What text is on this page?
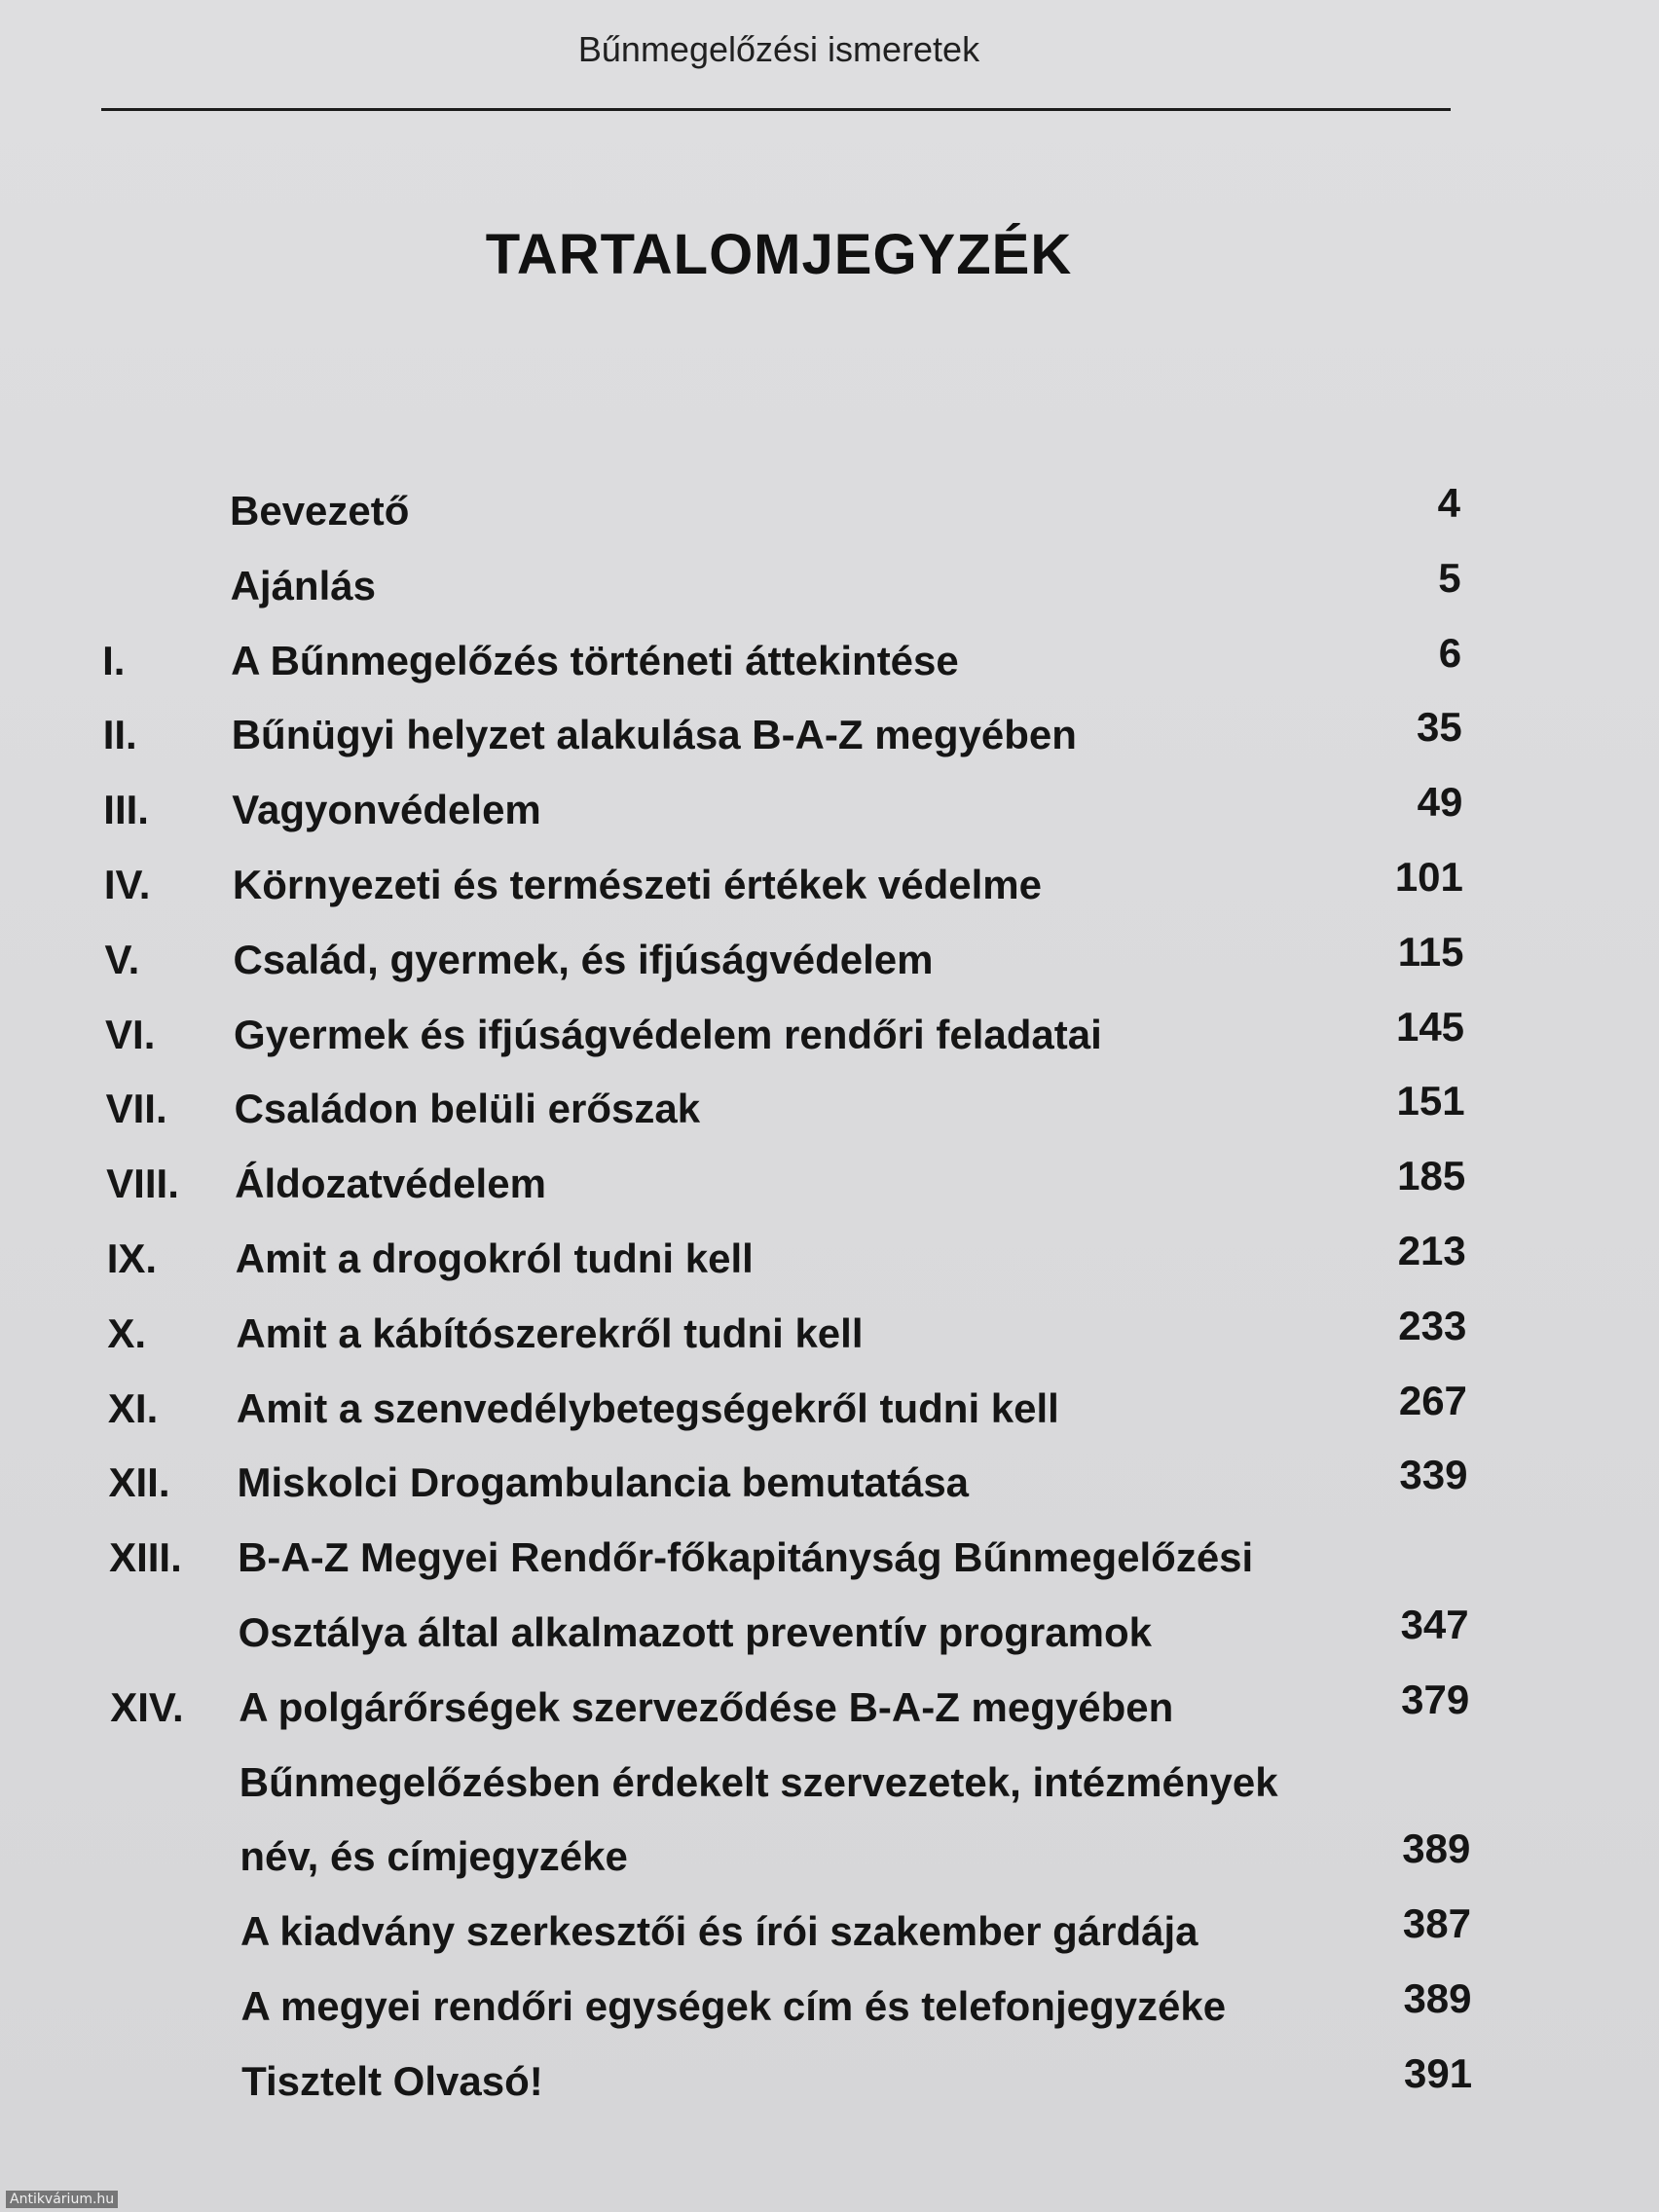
Bűnmegelőzési ismeretek
TARTALOMJEGYZÉK
Bevezető	4
Ajánlás	5
I.	A Bűnmegelőzés történeti áttekintése	6
II. Bűnügyi helyzet alakulása B-A-Z megyében	35
III. Vagyonvédelem	49
IV. Környezeti és természeti értékek védelme	101
V. Család, gyermek, és ifjúságvédelem	115
VI. Gyermek és ifjúságvédelem rendőri feladatai	145
VII. Családon belüli erőszak	151
VIII. Áldozatvédelem	185
IX. Amit a drogokról tudni kell	213
X. Amit a kábítószerekről tudni kell	233
XI. Amit a szenvedélybetegségekről tudni kell	267
XII. Miskolci Drogambulancia bemutatása	339
XIII. B-A-Z Megyei Rendőr-főkapitányság Bűnmegelőzési
Osztálya által alkalmazott preventív programok	347
XIV. A polgárőrségek szerveződése B-A-Z megyében	379
Bűnmegelőzésben érdekelt szervezetek, intézmények
név, és címjegyzéke	389
A kiadvány szerkesztői és írói szakember gárdája	387
A megyei rendőri egységek cím és telefonjegyzéke	389
Tisztelt Olvasó!	391
Antikvárium.hu
